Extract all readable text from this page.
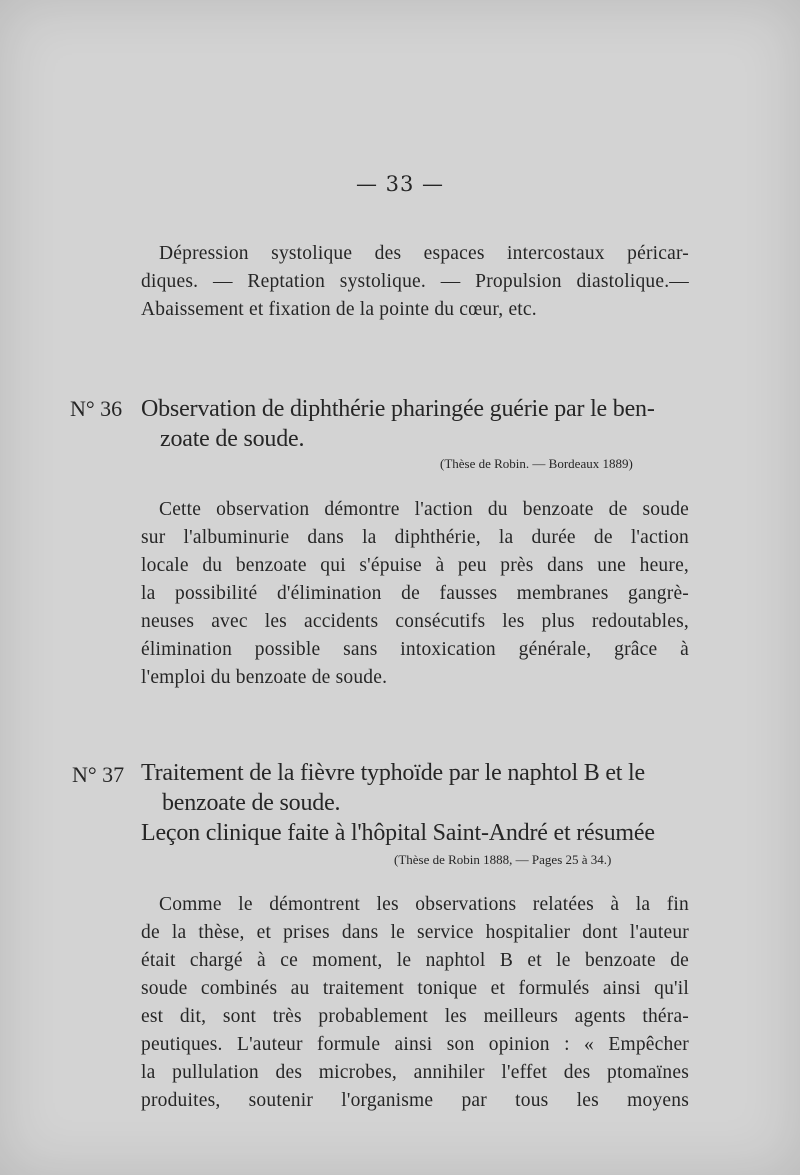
— 33 —
Dépression systolique des espaces intercostaux péricar-
diques. — Reptation systolique. — Propulsion diastolique.—
Abaissement et fixation de la pointe du cœur, etc.
N° 36 Observation de diphthérie pharingée guérie par le ben-
zoate de soude.
(Thèse de Robin. — Bordeaux 1889)
Cette observation démontre l'action du benzoate de soude
sur l'albuminurie dans la diphthérie, la durée de l'action
locale du benzoate qui s'épuise à peu près dans une heure,
la possibilité d'élimination de fausses membranes gangrè-
neuses avec les accidents consécutifs les plus redoutables,
élimination possible sans intoxication générale, grâce à
l'emploi du benzoate de soude.
N° 37 Traitement de la fièvre typhoïde par le naphtol B et le
benzoate de soude.
Leçon clinique faite à l'hôpital Saint-André et résumée
(Thèse de Robin 1888, — Pages 25 à 34.)
Comme le démontrent les observations relatées à la fin
de la thèse, et prises dans le service hospitalier dont l'auteur
était chargé à ce moment, le naphtol B et le benzoate de
soude combinés au traitement tonique et formulés ainsi qu'il
est dit, sont très probablement les meilleurs agents théra-
peutiques. L'auteur formule ainsi son opinion : « Empêcher
la pullulation des microbes, annihiler l'effet des ptomaïnes
produites, soutenir l'organisme par tous les moyens
